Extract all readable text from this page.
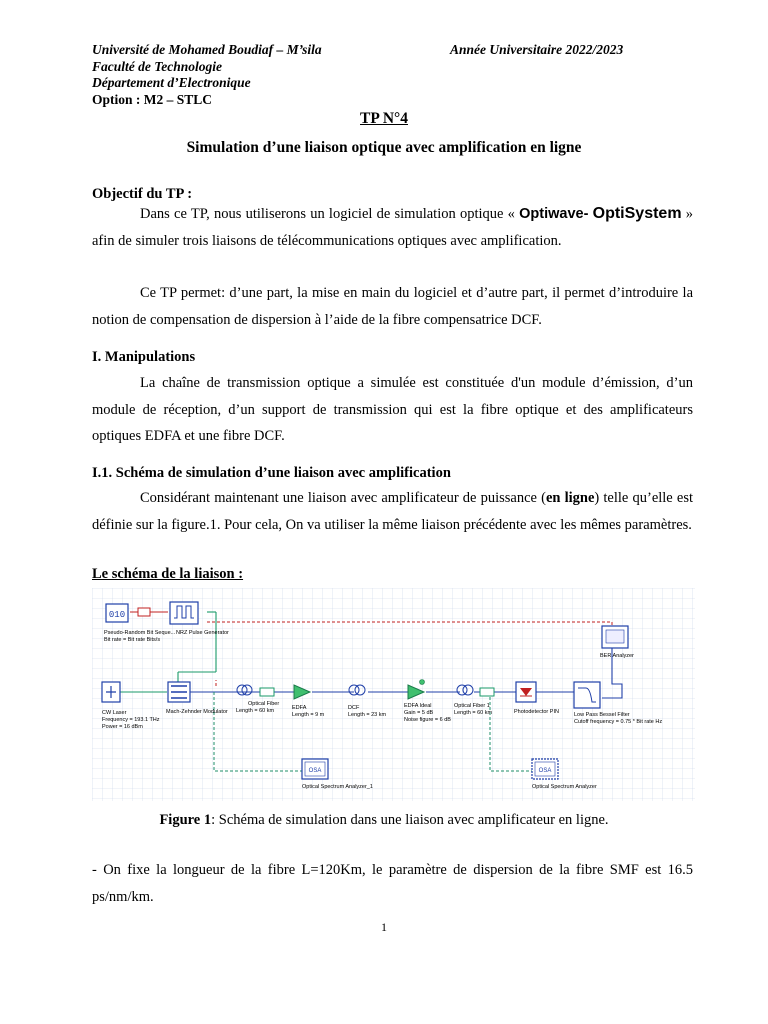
Université de Mohamed Boudiaf – M’sila
Faculté de Technologie
Département d’Electronique
Option : M2 – STLC
Année Universitaire 2022/2023
TP N°4
Simulation d’une liaison optique avec amplification en ligne
Objectif du TP :
Dans ce TP, nous utiliserons un logiciel de simulation optique « Optiwave- OptiSystem » afin de simuler trois liaisons de télécommunications optiques avec amplification.
Ce TP permet: d’une part, la mise en main du logiciel et d’autre part, il permet d’introduire la notion de compensation de dispersion à l’aide de la fibre compensatrice DCF.
I. Manipulations
La chaîne de transmission optique a simulée est constituée d'un module d’émission, d’un module de réception, d’un support de transmission qui est la fibre optique et des amplificateurs optiques EDFA et une fibre DCF.
I.1. Schéma de simulation d’une liaison avec amplification
Considérant maintenant une liaison avec amplificateur de puissance (en ligne) telle qu’elle est définie sur la figure.1. Pour cela, On va utiliser la même liaison précédente avec les mêmes paramètres.
Le schéma de la liaison :
010
Pseudo-Random Bit Seque...
Bit rate = Bit rate Bits/s
NRZ Pulse Generator
BER Analyzer
CW Laser
Frequency = 193.1 THz
Power = 16 dBm
Mach-Zehnder Modulator
Optical Fiber
Length = 60 km	EDFA
Length = 9 m
DCF
Length = 23 km
EDFA Ideal
Gain = 5 dB
Noise figure = 6 dB
Optical Fiber 1
Length = 60 km	Photodetector PIN	Low Pass Bessel Filter
Cutoff frequency = 0.75 * Bit rate Hz
OSA
Optical Spectrum Analyzer_1
OSA
Optical Spectrum Analyzer
Figure 1: Schéma de simulation dans une liaison avec amplificateur en ligne.
- On fixe la longueur de la fibre L=120Km, le paramètre de dispersion de la fibre SMF est 16.5 ps/nm/km.
1
